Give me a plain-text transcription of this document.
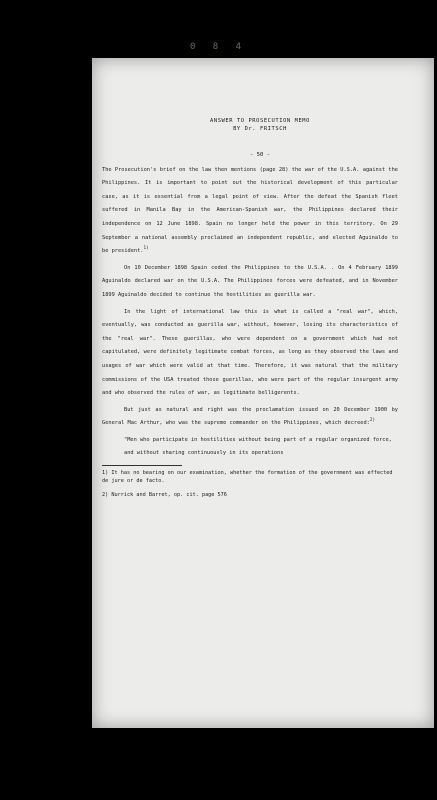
0 8 4
ANSWER TO PROSECUTION MEMO
BY Dr. FRITSCH
- 50 -

The Prosecution's brief on the law then mentions (page 28) the war of the U.S.A. against the Philippines. It is important to point out the historical development of this particular case, as it is essential from a legal point of view. After the defeat the Spanish fleet suffered in Manila Bay in the American-Spanish war, the Philippines declared their independence on 12 June 1898. Spain no longer held the power in this territory. On 29 September a national assembly proclaimed an independent republic, and elected Aguinaldo to be president.$^{1)}$

On 10 December 1898 Spain ceded the Philippines to the U.S.A. . On 4 February 1899 Aguinaldo declared war on the U.S.A. The Philippines forces were defeated, and in November 1899 Aguinaldo decided to continue the hostilities as guerilla war.

In the light of international law this is what is called a "real war", which, eventually, was conducted as guerilla war, without, however, losing its characteristics of the "real war". These guerillas, who were dependent on a government which had not capitulated, were definitely legitimate combat forces, as long as they observed the laws and usages of war which were valid at that time. Therefore, it was natural that the military commissions of the USA treated those guerillas, who were part of the regular insurgent army and who observed the rules of war, as legitimate belligerents.

But just as natural and right was the proclamation issued on 20 December 1900 by General Mac Arthur, who was the supreme commander on the Philippines, which decreed:$^{2)}$

"Men who participate in hostilities without being part of a regular organized force, and without sharing continuously in its operations

1) It has no bearing on our examination, whether the formation of the government was effected de jure or de facto.

2) Nurrick and Barret, op. cit. page 576
